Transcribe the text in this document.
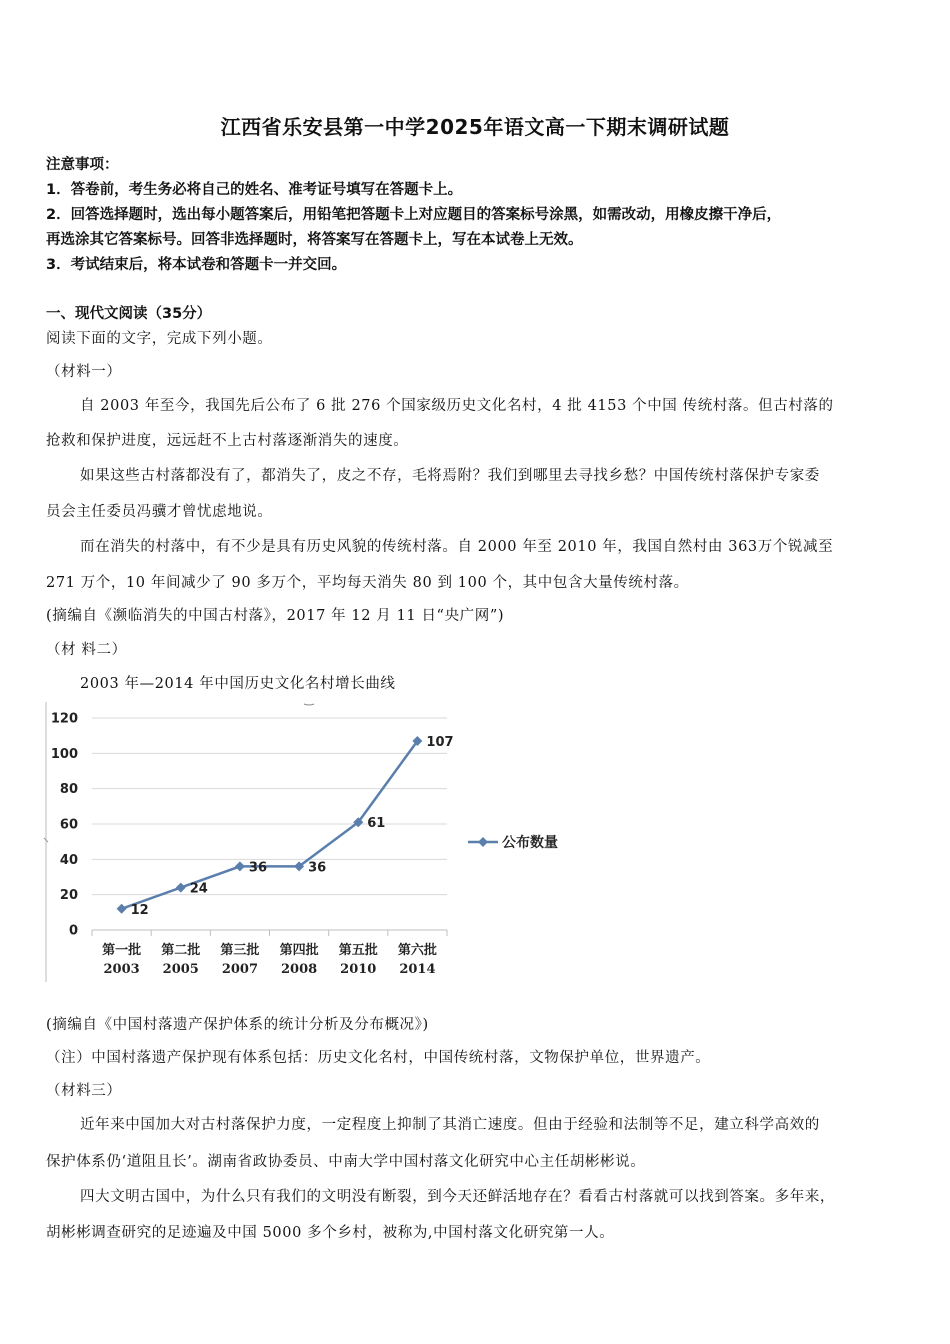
江西省乐安县第一中学2025年语文高一下期末调研试题
注意事项：
1．答卷前，考生务必将自己的姓名、准考证号填写在答题卡上。
2．回答选择题时，选出每小题答案后，用铅笔把答题卡上对应题目的答案标号涂黑，如需改动，用橡皮擦干净后，
再选涂其它答案标号。回答非选择题时，将答案写在答题卡上，写在本试卷上无效。
3．考试结束后，将本试卷和答题卡一并交回。
一、现代文阅读（35分）
阅读下面的文字，完成下列小题。
（材料一）
自 2003 年至今，我国先后公布了 6 批 276 个国家级历史文化名村，4 批 4153 个中国 传统村落。但古村落的
抢救和保护进度，远远赶不上古村落逐渐消失的速度。
如果这些古村落都没有了，都消失了，皮之不存，毛将焉附？我们到哪里去寻找乡愁？中国传统村落保护专家委
员会主任委员冯骥才曾忧虑地说。
而在消失的村落中，有不少是具有历史风貌的传统村落。自 2000 年至 2010 年，我国自然村由 363万个锐减至
271 万个，10 年间减少了 90 多万个，平均每天消失 80 到 100 个，其中包含大量传统村落。
(摘编自《濒临消失的中国古村落》，2017 年 12 月 11 日“央广网”)
（材 料二）
2003 年—2014 年中国历史文化名村增长曲线
0
20
40
60
80
100
120
第一批
2003
第二批
2005
第三批
2007
第四批
2008
第五批
2010
第六批
2014
12
24
36	36
61
107
公布数量
(摘编自《中国村落遗产保护体系的统计分析及分布概况》)
（注）中国村落遗产保护现有体系包括：历史文化名村，中国传统村落，文物保护单位，世界遗产。
（材料三）
近年来中国加大对古村落保护力度，一定程度上抑制了其消亡速度。但由于经验和法制等不足，建立科学高效的
保护体系仍‘道阻且长’。湖南省政协委员、中南大学中国村落文化研究中心主任胡彬彬说。
四大文明古国中，为什么只有我们的文明没有断裂，到今天还鲜活地存在？看看古村落就可以找到答案。多年来，
胡彬彬调查研究的足迹遍及中国 5000 多个乡村，被称为,中国村落文化研究第一人。
